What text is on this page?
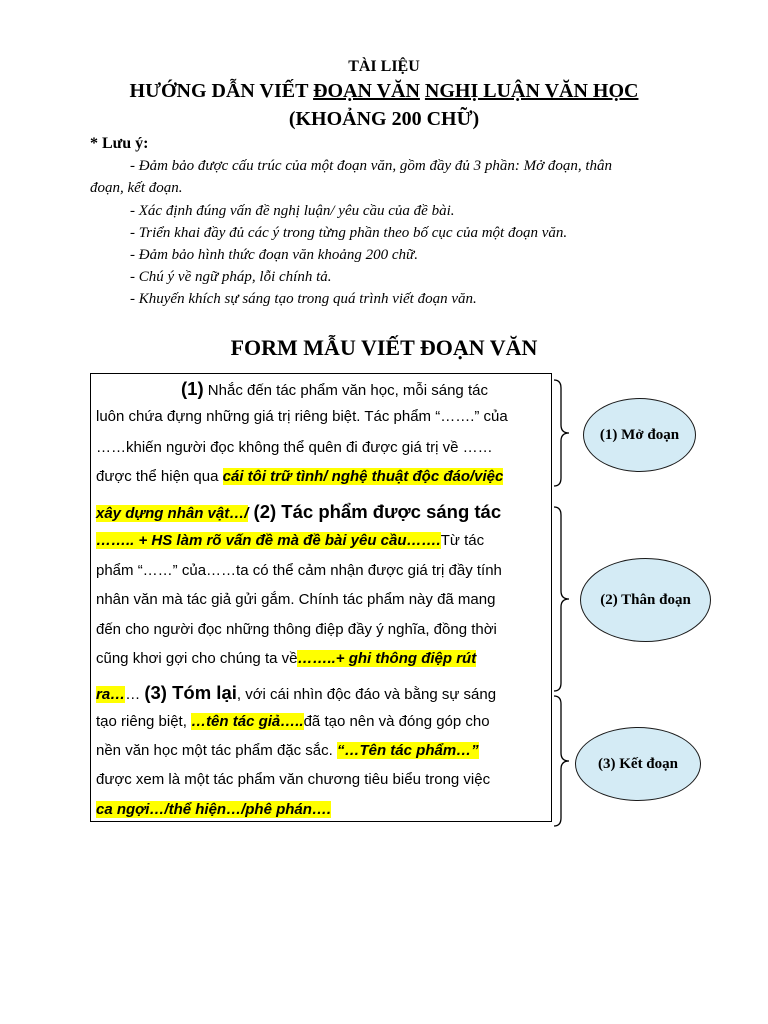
TÀI LIỆU
HƯỚNG DẪN VIẾT ĐOẠN VĂN NGHỊ LUẬN VĂN HỌC
(KHOẢNG 200 CHỮ)
* Lưu ý:
- Đảm bảo được cấu trúc của một đoạn văn, gồm đầy đủ 3 phần: Mở đoạn, thân
đoạn, kết đoạn.
- Xác định đúng vấn đề nghị luận/ yêu cầu của đề bài.
- Triển khai đầy đủ các ý trong từng phần theo bố cục của một đoạn văn.
- Đảm bảo hình thức đoạn văn khoảng 200 chữ.
- Chú ý về ngữ pháp, lỗi chính tả.
- Khuyến khích sự sáng tạo trong quá trình viết đoạn văn.
FORM MẪU VIẾT ĐOẠN VĂN
(1) Nhắc đến tác phẩm văn học, mỗi sáng tác
luôn chứa đựng những giá trị riêng biệt. Tác phẩm “…….” của
……khiến người đọc không thể quên đi được giá trị về ……
được thể hiện qua cái tôi trữ tình/ nghệ thuật độc đáo/việc
xây dựng nhân vật…/ (2) Tác phẩm được sáng tác
…….. + HS làm rõ vấn đề mà đề bài yêu cầu…….Từ tác
phẩm “……” của……ta có thể cảm nhận được giá trị đầy tính
nhân văn mà tác giả gửi gắm. Chính tác phẩm này đã mang
đến cho người đọc những thông điệp đầy ý nghĩa, đồng thời
cũng khơi gợi cho chúng ta về……..+ ghi thông điệp rút
ra…… (3) Tóm lại, với cái nhìn độc đáo và bằng sự sáng
tạo riêng biệt, …tên tác giả…..đã tạo nên và đóng góp cho
nền văn học một tác phẩm đặc sắc. “…Tên tác phẩm…”
được xem là một tác phẩm văn chương tiêu biểu trong việc
ca ngợi…/thể hiện…/phê phán….
(1) Mở đoạn
(2) Thân đoạn
(3) Kết đoạn
